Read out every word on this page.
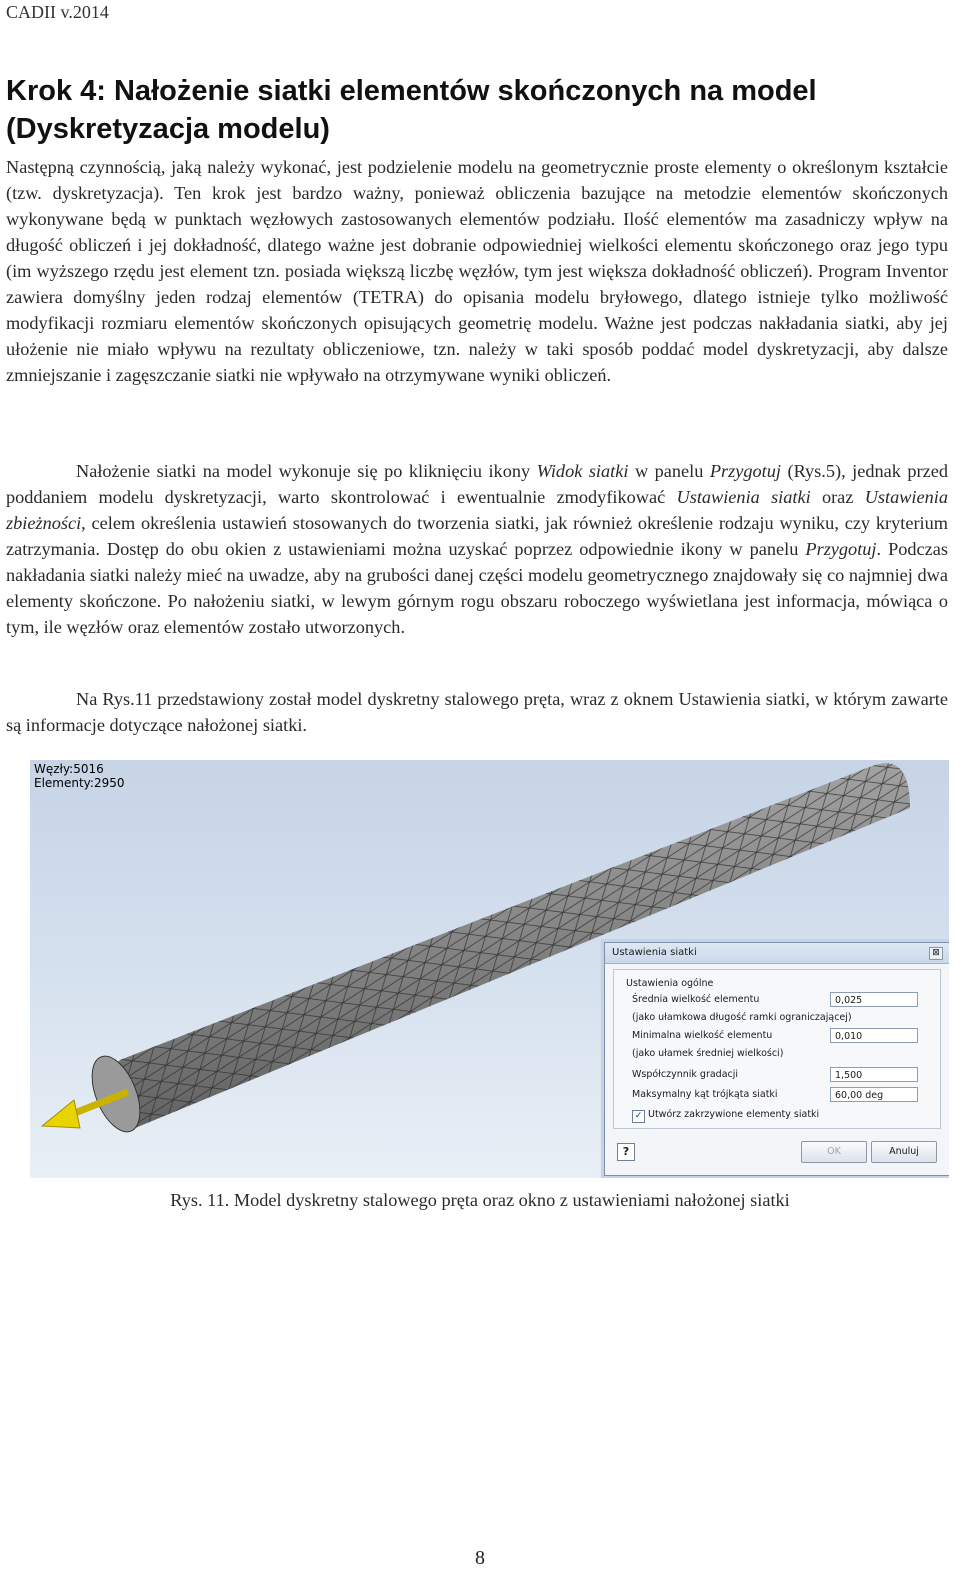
CADII v.2014
Krok 4: Nałożenie siatki elementów skończonych na model
(Dyskretyzacja modelu)

Następną czynnością, jaką należy wykonać, jest podzielenie modelu na geometrycznie proste elementy o określonym kształcie (tzw. dyskretyzacja). Ten krok jest bardzo ważny, ponieważ obliczenia bazujące na metodzie elementów skończonych wykonywane będą w punktach węzłowych zastosowanych elementów podziału. Ilość elementów ma zasadniczy wpływ na długość obliczeń i jej dokładność, dlatego ważne jest dobranie odpowiedniej wielkości elementu skończonego oraz jego typu (im wyższego rzędu jest element tzn. posiada większą liczbę węzłów, tym jest większa dokładność obliczeń). Program Inventor zawiera domyślny jeden rodzaj elementów (TETRA) do opisania modelu bryłowego, dlatego istnieje tylko możliwość modyfikacji rozmiaru elementów skończonych opisujących geometrię modelu. Ważne jest podczas nakładania siatki, aby jej ułożenie nie miało wpływu na rezultaty obliczeniowe, tzn. należy w taki sposób poddać model dyskretyzacji, aby dalsze zmniejszanie i zagęszczanie siatki nie wpływało na otrzymywane wyniki obliczeń.

Nałożenie siatki na model wykonuje się po kliknięciu ikony Widok siatki w panelu Przygotuj (Rys.5), jednak przed poddaniem modelu dyskretyzacji, warto skontrolować i ewentualnie zmodyfikować Ustawienia siatki oraz Ustawienia zbieżności, celem określenia ustawień stosowanych do tworzenia siatki, jak również określenie rodzaju wyniku, czy kryterium zatrzymania. Dostęp do obu okien z ustawieniami można uzyskać poprzez odpowiednie ikony w panelu Przygotuj. Podczas nakładania siatki należy mieć na uwadze, aby na grubości danej części modelu geometrycznego znajdowały się co najmniej dwa elementy skończone. Po nałożeniu siatki, w lewym górnym rogu obszaru roboczego wyświetlana jest informacja, mówiąca o tym, ile węzłów oraz elementów zostało utworzonych.

Na Rys.11 przedstawiony został model dyskretny stalowego pręta, wraz z oknem Ustawienia siatki, w którym zawarte są informacje dotyczące nałożonej siatki.

Węzły:5016
Elementy:2950
Ustawienia siatki	⊠
Ustawienia ogólne
Średnia wielkość elementu	0,025
(jako ułamkowa długość ramki ograniczającej)
Minimalna wielkość elementu	0,010
(jako ułamek średniej wielkości)
Współczynnik gradacji	1,500
Maksymalny kąt trójkąta siatki	60,00 deg
✓ Utwórz zakrzywione elementy siatki
?	OK	Anuluj
Rys. 11. Model dyskretny stalowego pręta oraz okno z ustawieniami nałożonej siatki
8
